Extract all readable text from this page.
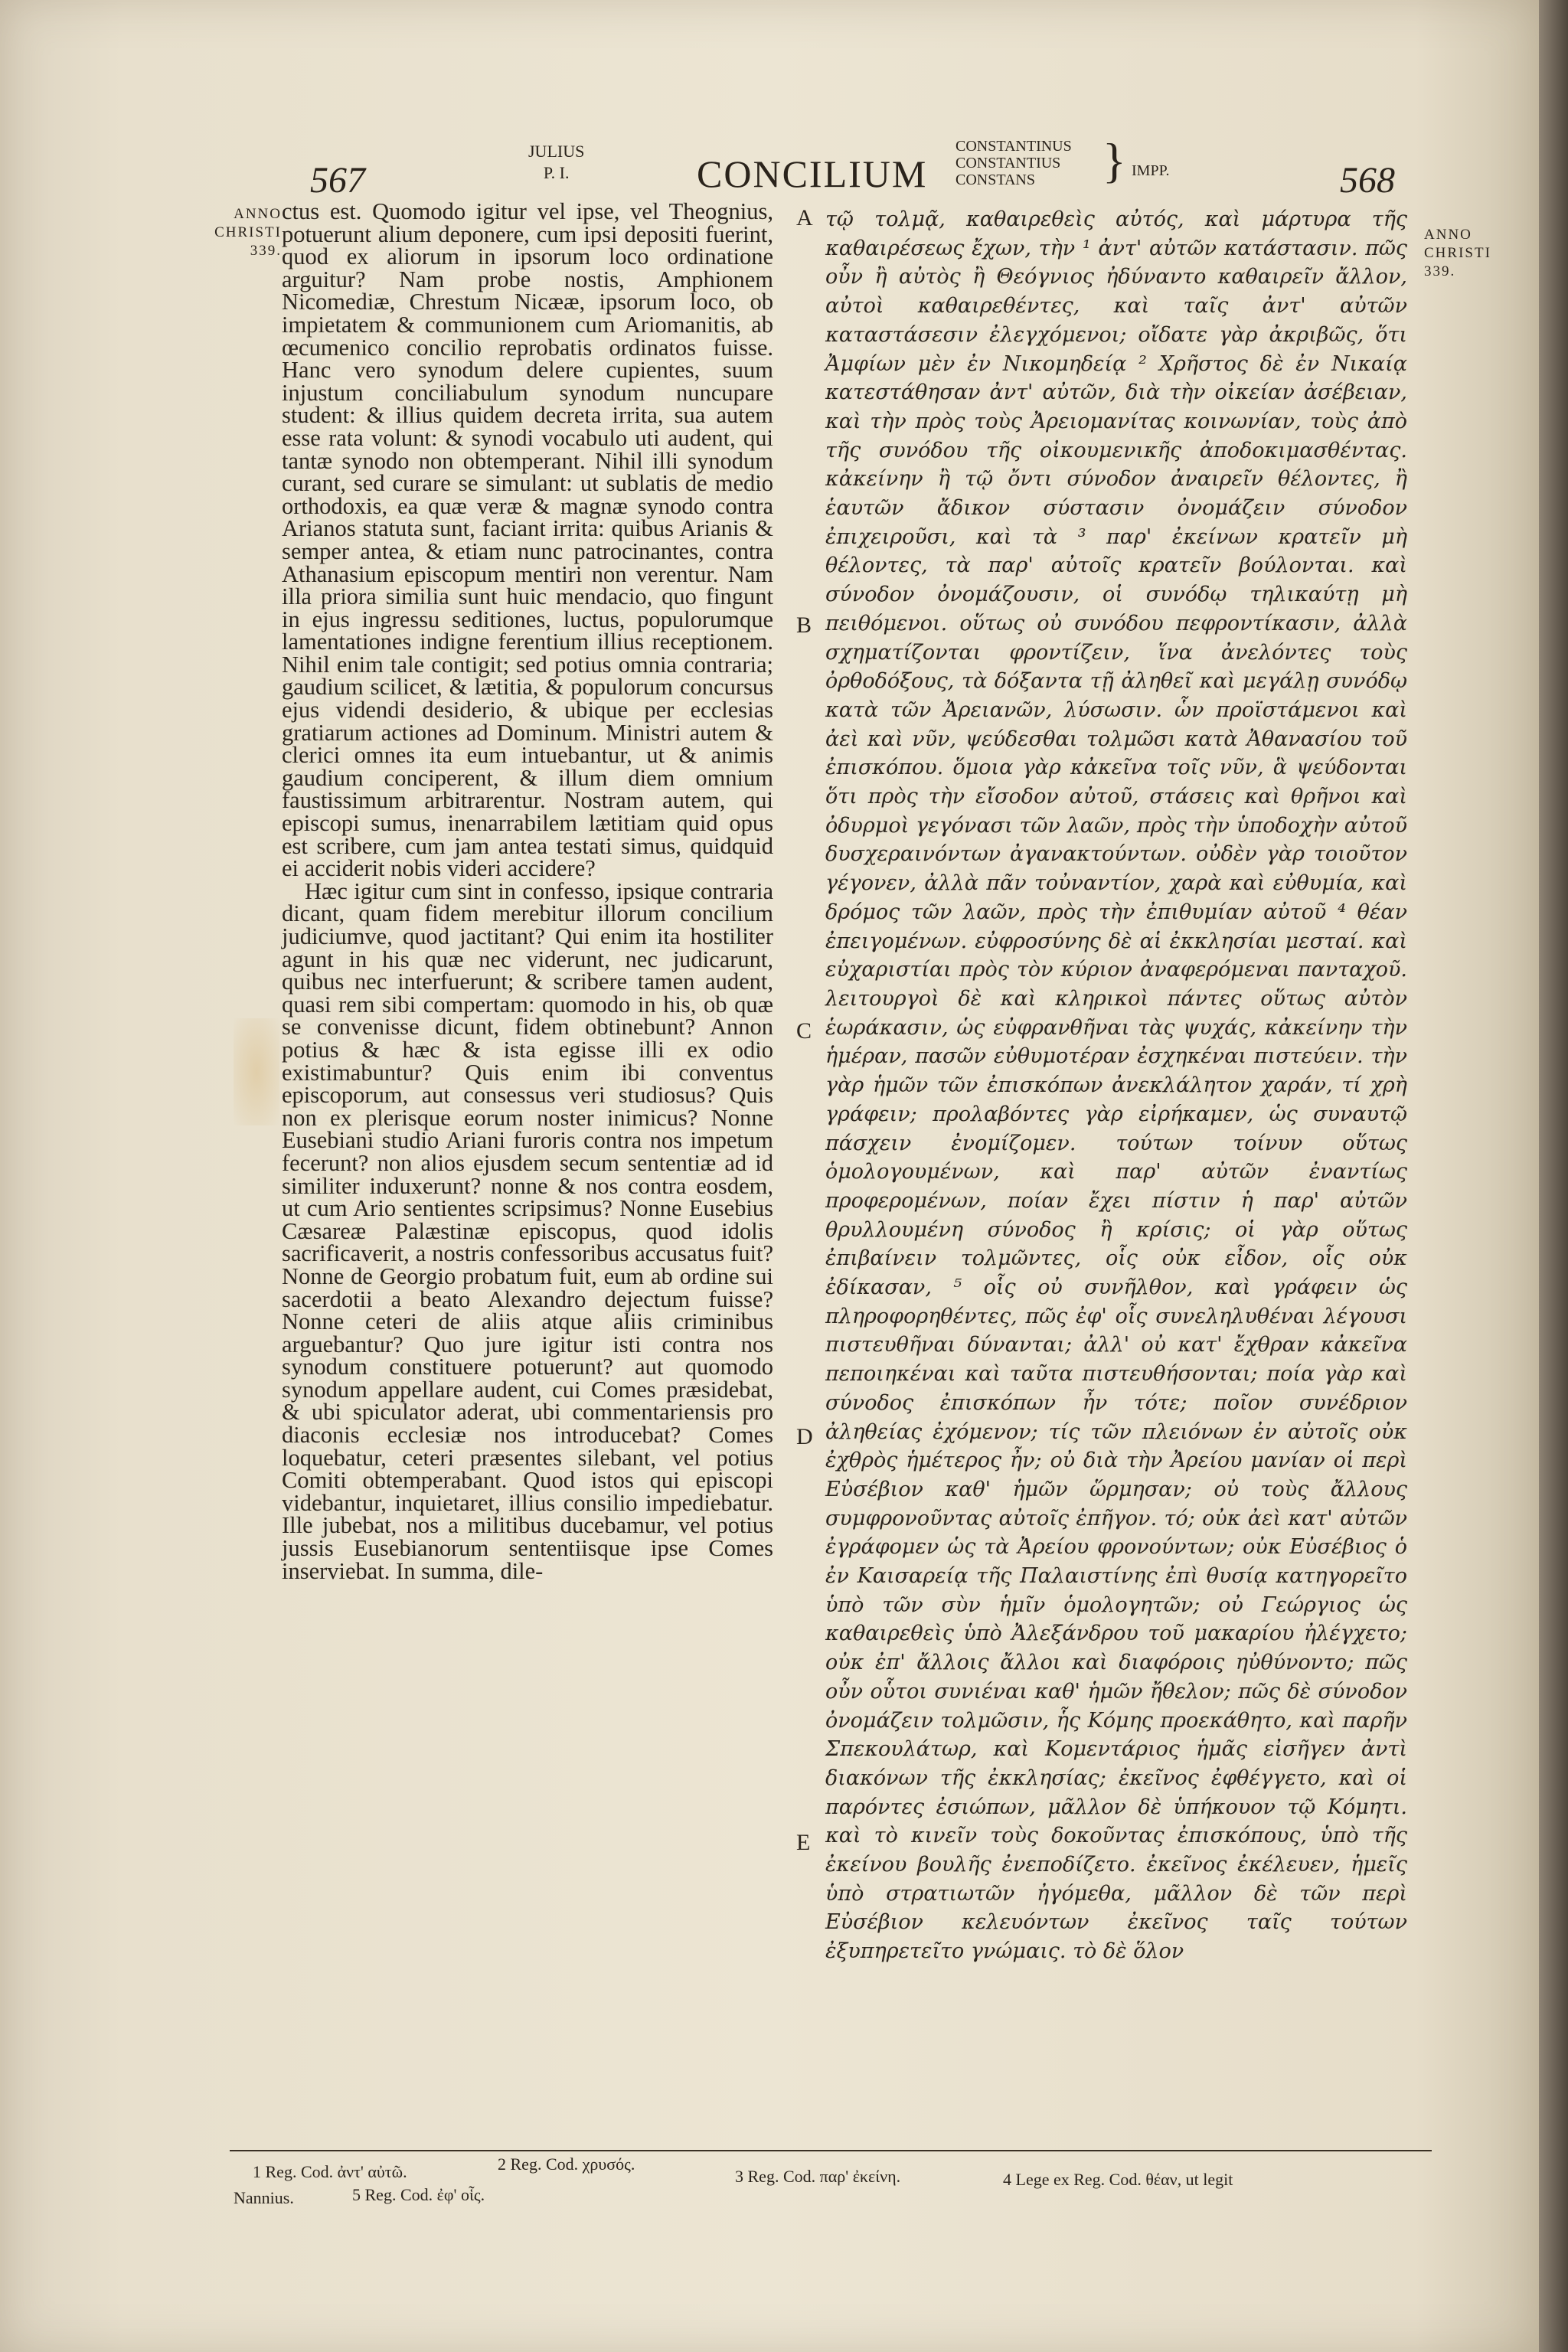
567
JULIUS
P. I.	CONCILIUM
CONSTANTINUS
CONSTANTIUS
CONSTANS	} IMPP.	568
ANNO
CHRISTI
339.
ANNO
CHRISTI
339.

ctus est. Quomodo igitur vel ipse, vel Theognius, potuerunt alium deponere, cum ipsi depositi fuerint, quod ex aliorum in ipsorum loco ordinatione arguitur? Nam probe nostis, Amphionem Nicomediæ, Chrestum Nicææ, ipsorum loco, ob impietatem & communionem cum Ariomanitis, ab œcumenico concilio reprobatis ordinatos fuisse. Hanc vero synodum delere cupientes, suum injustum conciliabulum synodum nuncupare student: & illius quidem decreta irrita, sua autem esse rata volunt: & synodi vocabulo uti audent, qui tantæ synodo non obtemperant. Nihil illi synodum curant, sed curare se simulant: ut sublatis de medio orthodoxis, ea quæ veræ & magnæ synodo contra Arianos statuta sunt, faciant irrita: quibus Arianis & semper antea, & etiam nunc patrocinantes, contra Athanasium episcopum mentiri non verentur. Nam illa priora similia sunt huic mendacio, quo fingunt in ejus ingressu seditiones, luctus, populorumque lamentationes indigne ferentium illius receptionem. Nihil enim tale contigit; sed potius omnia contraria; gaudium scilicet, & lætitia, & populorum concursus ejus videndi desiderio, & ubique per ecclesias gratiarum actiones ad Dominum. Ministri autem & clerici omnes ita eum intuebantur, ut & animis gaudium conciperent, & illum diem omnium faustissimum arbitrarentur. Nostram autem, qui episcopi sumus, inenarrabilem lætitiam quid opus est scribere, cum jam antea testati simus, quidquid ei acciderit nobis videri accidere?

Hæc igitur cum sint in confesso, ipsique contraria dicant, quam fidem merebitur illorum concilium judiciumve, quod jactitant? Qui enim ita hostiliter agunt in his quæ nec viderunt, nec judicarunt, quibus nec interfuerunt; & scribere tamen audent, quasi rem sibi compertam: quomodo in his, ob quæ se convenisse dicunt, fidem obtinebunt? Annon potius & hæc & ista egisse illi ex odio existimabuntur? Quis enim ibi conventus episcoporum, aut consessus veri studiosus? Quis non ex plerisque eorum noster inimicus? Nonne Eusebiani studio Ariani furoris contra nos impetum fecerunt? non alios ejusdem secum sententiæ ad id similiter induxerunt? nonne & nos contra eosdem, ut cum Ario sentientes scripsimus? Nonne Eusebius Cæsareæ Palæstinæ episcopus, quod idolis sacrificaverit, a nostris confessoribus accusatus fuit? Nonne de Georgio probatum fuit, eum ab ordine sui sacerdotii a beato Alexandro dejectum fuisse? Nonne ceteri de aliis atque aliis criminibus arguebantur? Quo jure igitur isti contra nos synodum constituere potuerunt? aut quomodo synodum appellare audent, cui Comes præsidebat, & ubi spiculator aderat, ubi commentariensis pro diaconis ecclesiæ nos introducebat? Comes loquebatur, ceteri præsentes silebant, vel potius Comiti obtemperabant. Quod istos qui episcopi videbantur, inquietaret, illius consilio impediebatur. Ille jubebat, nos a militibus ducebamur, vel potius jussis Eusebianorum sententiisque ipse Comes inserviebat. In summa, dile-

A
B
C
D
E
τῷ τολμᾷ, καθαιρεθεὶς αὐτός, καὶ μάρτυρα τῆς καθαιρέσεως ἔχων, τὴν ¹ ἀντ' αὐτῶν κατάστασιν. πῶς οὖν ἢ αὐτὸς ἢ Θεόγνιος ἠδύναντο καθαιρεῖν ἄλλον, αὐτοὶ καθαιρεθέντες, καὶ ταῖς ἀντ' αὐτῶν καταστάσεσιν ἐλεγχόμενοι; οἴδατε γὰρ ἀκριβῶς, ὅτι Ἀμφίων μὲν ἐν Νικομηδείᾳ ² Χρῆστος δὲ ἐν Νικαίᾳ κατεστάθησαν ἀντ' αὐτῶν, διὰ τὴν οἰκείαν ἀσέβειαν, καὶ τὴν πρὸς τοὺς Ἀρειομανίτας κοινωνίαν, τοὺς ἀπὸ τῆς συνόδου τῆς οἰκουμενικῆς ἀποδοκιμασθέντας. κἀκείνην ἢ τῷ ὄντι σύνοδον ἀναιρεῖν θέλοντες, ἢ ἑαυτῶν ἄδικον σύστασιν ὀνομάζειν σύνοδον ἐπιχειροῦσι, καὶ τὰ ³ παρ' ἐκείνων κρατεῖν μὴ θέλοντες, τὰ παρ' αὐτοῖς κρατεῖν βούλονται. καὶ σύνοδον ὀνομάζουσιν, οἱ συνόδῳ τηλικαύτῃ μὴ πειθόμενοι. οὕτως οὐ συνόδου πεφροντίκασιν, ἀλλὰ σχηματίζονται φροντίζειν, ἵνα ἀνελόντες τοὺς ὀρθοδόξους, τὰ δόξαντα τῇ ἀληθεῖ καὶ μεγάλῃ συνόδῳ κατὰ τῶν Ἀρειανῶν, λύσωσιν. ὧν προϊστάμενοι καὶ ἀεὶ καὶ νῦν, ψεύδεσθαι τολμῶσι κατὰ Ἀθανασίου τοῦ ἐπισκόπου. ὅμοια γὰρ κἀκεῖνα τοῖς νῦν, ἃ ψεύδονται ὅτι πρὸς τὴν εἴσοδον αὐτοῦ, στάσεις καὶ θρῆνοι καὶ ὀδυρμοὶ γεγόνασι τῶν λαῶν, πρὸς τὴν ὑποδοχὴν αὐτοῦ δυσχεραινόντων ἀγανακτούντων. οὐδὲν γὰρ τοιοῦτον γέγονεν, ἀλλὰ πᾶν τοὐναντίον, χαρὰ καὶ εὐθυμία, καὶ δρόμος τῶν λαῶν, πρὸς τὴν ἐπιθυμίαν αὐτοῦ ⁴ θέαν ἐπειγομένων. εὐφροσύνης δὲ αἱ ἐκκλησίαι μεσταί. καὶ εὐχαριστίαι πρὸς τὸν κύριον ἀναφερόμεναι πανταχοῦ. λειτουργοὶ δὲ καὶ κληρικοὶ πάντες οὕτως αὐτὸν ἑωράκασιν, ὡς εὐφρανθῆναι τὰς ψυχάς, κἀκείνην τὴν ἡμέραν, πασῶν εὐθυμοτέραν ἐσχηκέναι πιστεύειν. τὴν γὰρ ἡμῶν τῶν ἐπισκόπων ἀνεκλάλητον χαράν, τί χρὴ γράφειν; προλαβόντες γὰρ εἰρήκαμεν, ὡς συναυτῷ πάσχειν ἐνομίζομεν. τούτων τοίνυν οὕτως ὁμολογουμένων, καὶ παρ' αὐτῶν ἐναντίως προφερομένων, ποίαν ἔχει πίστιν ἡ παρ' αὐτῶν θρυλλουμένη σύνοδος ἢ κρίσις; οἱ γὰρ οὕτως ἐπιβαίνειν τολμῶντες, οἷς οὐκ εἶδον, οἷς οὐκ ἐδίκασαν, ⁵ οἷς οὐ συνῆλθον, καὶ γράφειν ὡς πληροφορηθέντες, πῶς ἐφ' οἷς συνεληλυθέναι λέγουσι πιστευθῆναι δύνανται; ἀλλ' οὐ κατ' ἔχθραν κἀκεῖνα πεποιηκέναι καὶ ταῦτα πιστευθήσονται; ποία γὰρ καὶ σύνοδος ἐπισκόπων ἦν τότε; ποῖον συνέδριον ἀληθείας ἐχόμενον; τίς τῶν πλειόνων ἐν αὐτοῖς οὐκ ἐχθρὸς ἡμέτερος ἦν; οὐ διὰ τὴν Ἀρείου μανίαν οἱ περὶ Εὐσέβιον καθ' ἡμῶν ὥρμησαν; οὐ τοὺς ἄλλους συμφρονοῦντας αὐτοῖς ἐπῆγον. τό; οὐκ ἀεὶ κατ' αὐτῶν ἐγράφομεν ὡς τὰ Ἀρείου φρονούντων; οὐκ Εὐσέβιος ὁ ἐν Καισαρείᾳ τῆς Παλαιστίνης ἐπὶ θυσίᾳ κατηγορεῖτο ὑπὸ τῶν σὺν ἡμῖν ὁμολογητῶν; οὐ Γεώργιος ὡς καθαιρεθεὶς ὑπὸ Ἀλεξάνδρου τοῦ μακαρίου ἠλέγχετο; οὐκ ἐπ' ἄλλοις ἄλλοι καὶ διαφόροις ηὐθύνοντο; πῶς οὖν οὗτοι συνιέναι καθ' ἡμῶν ἤθελον; πῶς δὲ σύνοδον ὀνομάζειν τολμῶσιν, ἧς Κόμης προεκάθητο, καὶ παρῆν Σπεκουλάτωρ, καὶ Κομεντάριος ἡμᾶς εἰσῆγεν ἀντὶ διακόνων τῆς ἐκκλησίας; ἐκεῖνος ἐφθέγγετο, καὶ οἱ παρόντες ἐσιώπων, μᾶλλον δὲ ὑπήκουον τῷ Κόμητι. καὶ τὸ κινεῖν τοὺς δοκοῦντας ἐπισκόπους, ὑπὸ τῆς ἐκείνου βουλῆς ἐνεποδίζετο. ἐκεῖνος ἐκέλευεν, ἡμεῖς ὑπὸ στρατιωτῶν ἠγόμεθα, μᾶλλον δὲ τῶν περὶ Εὐσέβιον κελευόντων ἐκεῖνος ταῖς τούτων ἐξυπηρετεῖτο γνώμαις. τὸ δὲ ὅλον
1 Reg. Cod. ἀντ' αὐτῶ.	2 Reg. Cod. χρυσός.
3 Reg. Cod. παρ' ἐκείνη.	4 Lege ex Reg. Cod. θέαν, ut legit
Nannius.	5 Reg. Cod. ἐφ' οἷς.
